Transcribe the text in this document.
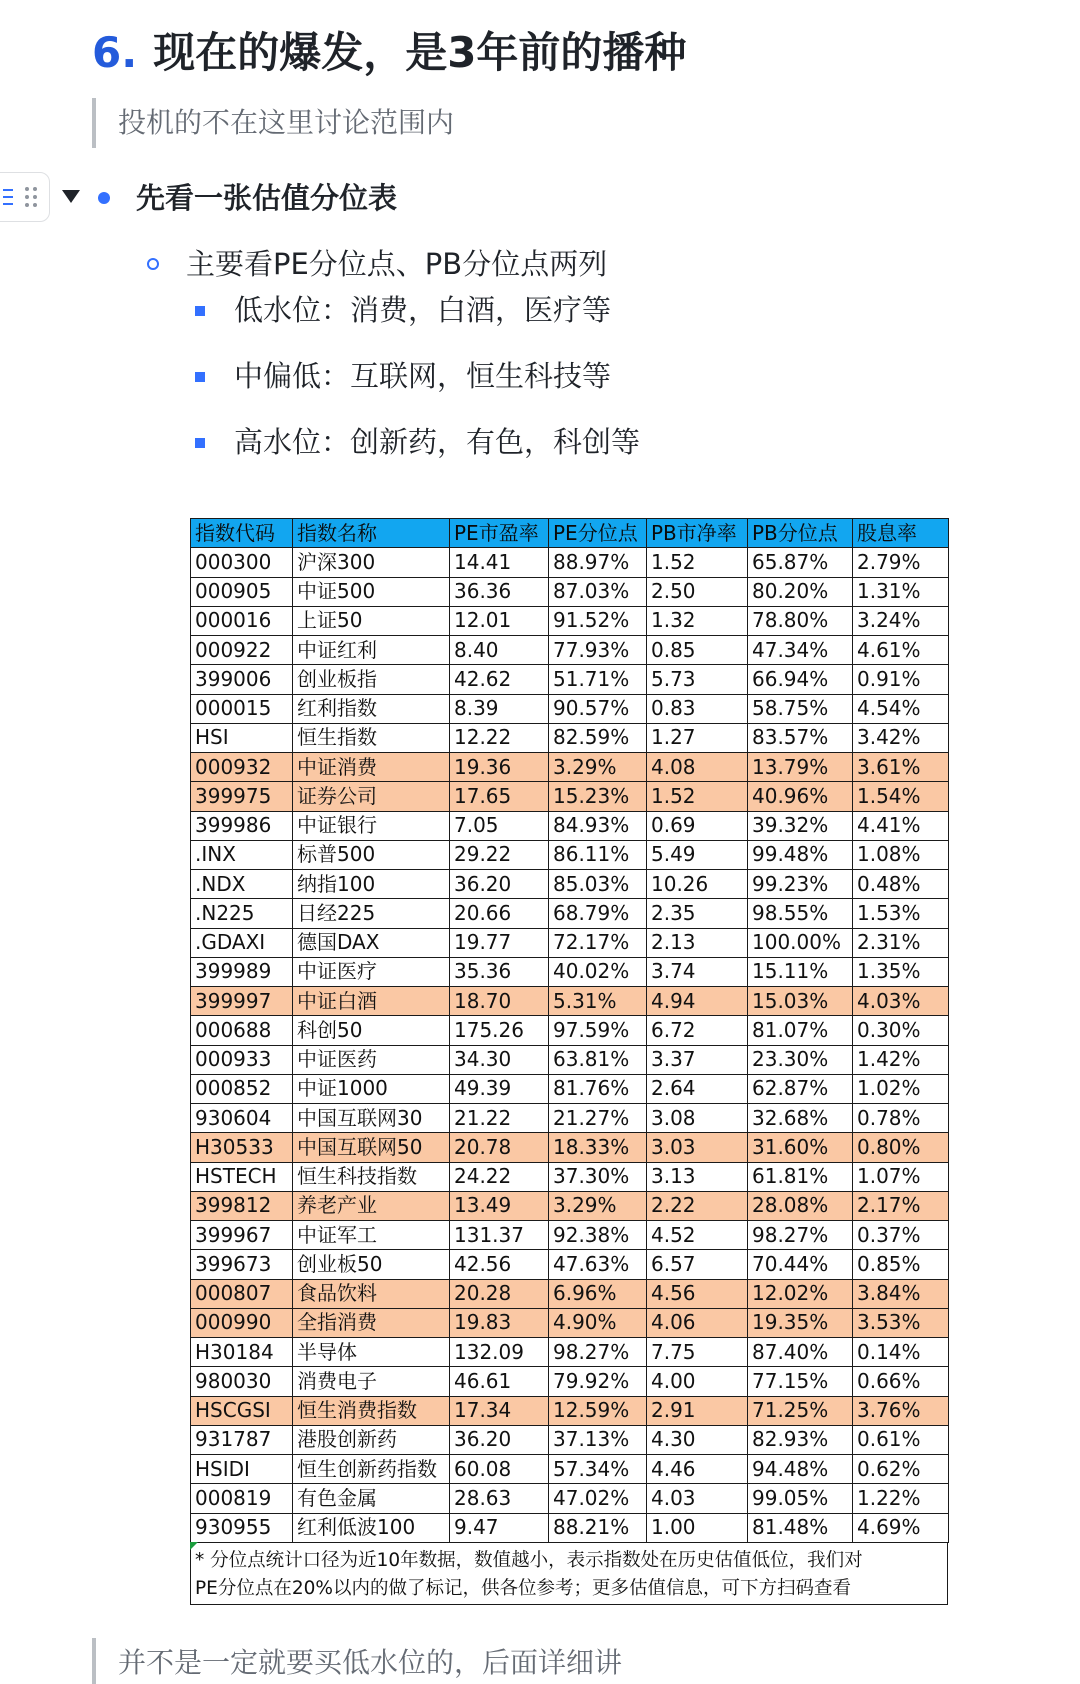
6. 现在的爆发，是3年前的播种
投机的不在这里讨论范围内
先看一张估值分位表
主要看PE分位点、PB分位点两列
低水位：消费，白酒，医疗等
中偏低：互联网，恒生科技等
高水位：创新药，有色，科创等
指数代码	指数名称	PE市盈率	PE分位点	PB市净率	PB分位点	股息率
000300	沪深300	14.41	88.97%	1.52	65.87%	2.79%
000905	中证500	36.36	87.03%	2.50	80.20%	1.31%
000016	上证50	12.01	91.52%	1.32	78.80%	3.24%
000922	中证红利	8.40	77.93%	0.85	47.34%	4.61%
399006	创业板指	42.62	51.71%	5.73	66.94%	0.91%
000015	红利指数	8.39	90.57%	0.83	58.75%	4.54%
HSI	恒生指数	12.22	82.59%	1.27	83.57%	3.42%
000932	中证消费	19.36	3.29%	4.08	13.79%	3.61%
399975	证券公司	17.65	15.23%	1.52	40.96%	1.54%
399986	中证银行	7.05	84.93%	0.69	39.32%	4.41%
.INX	标普500	29.22	86.11%	5.49	99.48%	1.08%
.NDX	纳指100	36.20	85.03%	10.26	99.23%	0.48%
.N225	日经225	20.66	68.79%	2.35	98.55%	1.53%
.GDAXI	德国DAX	19.77	72.17%	2.13	100.00%	2.31%
399989	中证医疗	35.36	40.02%	3.74	15.11%	1.35%
399997	中证白酒	18.70	5.31%	4.94	15.03%	4.03%
000688	科创50	175.26	97.59%	6.72	81.07%	0.30%
000933	中证医药	34.30	63.81%	3.37	23.30%	1.42%
000852	中证1000	49.39	81.76%	2.64	62.87%	1.02%
930604	中国互联网30	21.22	21.27%	3.08	32.68%	0.78%
H30533	中国互联网50	20.78	18.33%	3.03	31.60%	0.80%
HSTECH	恒生科技指数	24.22	37.30%	3.13	61.81%	1.07%
399812	养老产业	13.49	3.29%	2.22	28.08%	2.17%
399967	中证军工	131.37	92.38%	4.52	98.27%	0.37%
399673	创业板50	42.56	47.63%	6.57	70.44%	0.85%
000807	食品饮料	20.28	6.96%	4.56	12.02%	3.84%
000990	全指消费	19.83	4.90%	4.06	19.35%	3.53%
H30184	半导体	132.09	98.27%	7.75	87.40%	0.14%
980030	消费电子	46.61	79.92%	4.00	77.15%	0.66%
HSCGSI	恒生消费指数	17.34	12.59%	2.91	71.25%	3.76%
931787	港股创新药	36.20	37.13%	4.30	82.93%	0.61%
HSIDI	恒生创新药指数	60.08	57.34%	4.46	94.48%	0.62%
000819	有色金属	28.63	47.02%	4.03	99.05%	1.22%
930955	红利低波100	9.47	88.21%	1.00	81.48%	4.69%
* 分位点统计口径为近10年数据，数值越小，表示指数处在历史估值低位，我们对
PE分位点在20%以内的做了标记，供各位参考；更多估值信息，可下方扫码查看
并不是一定就要买低水位的，后面详细讲
